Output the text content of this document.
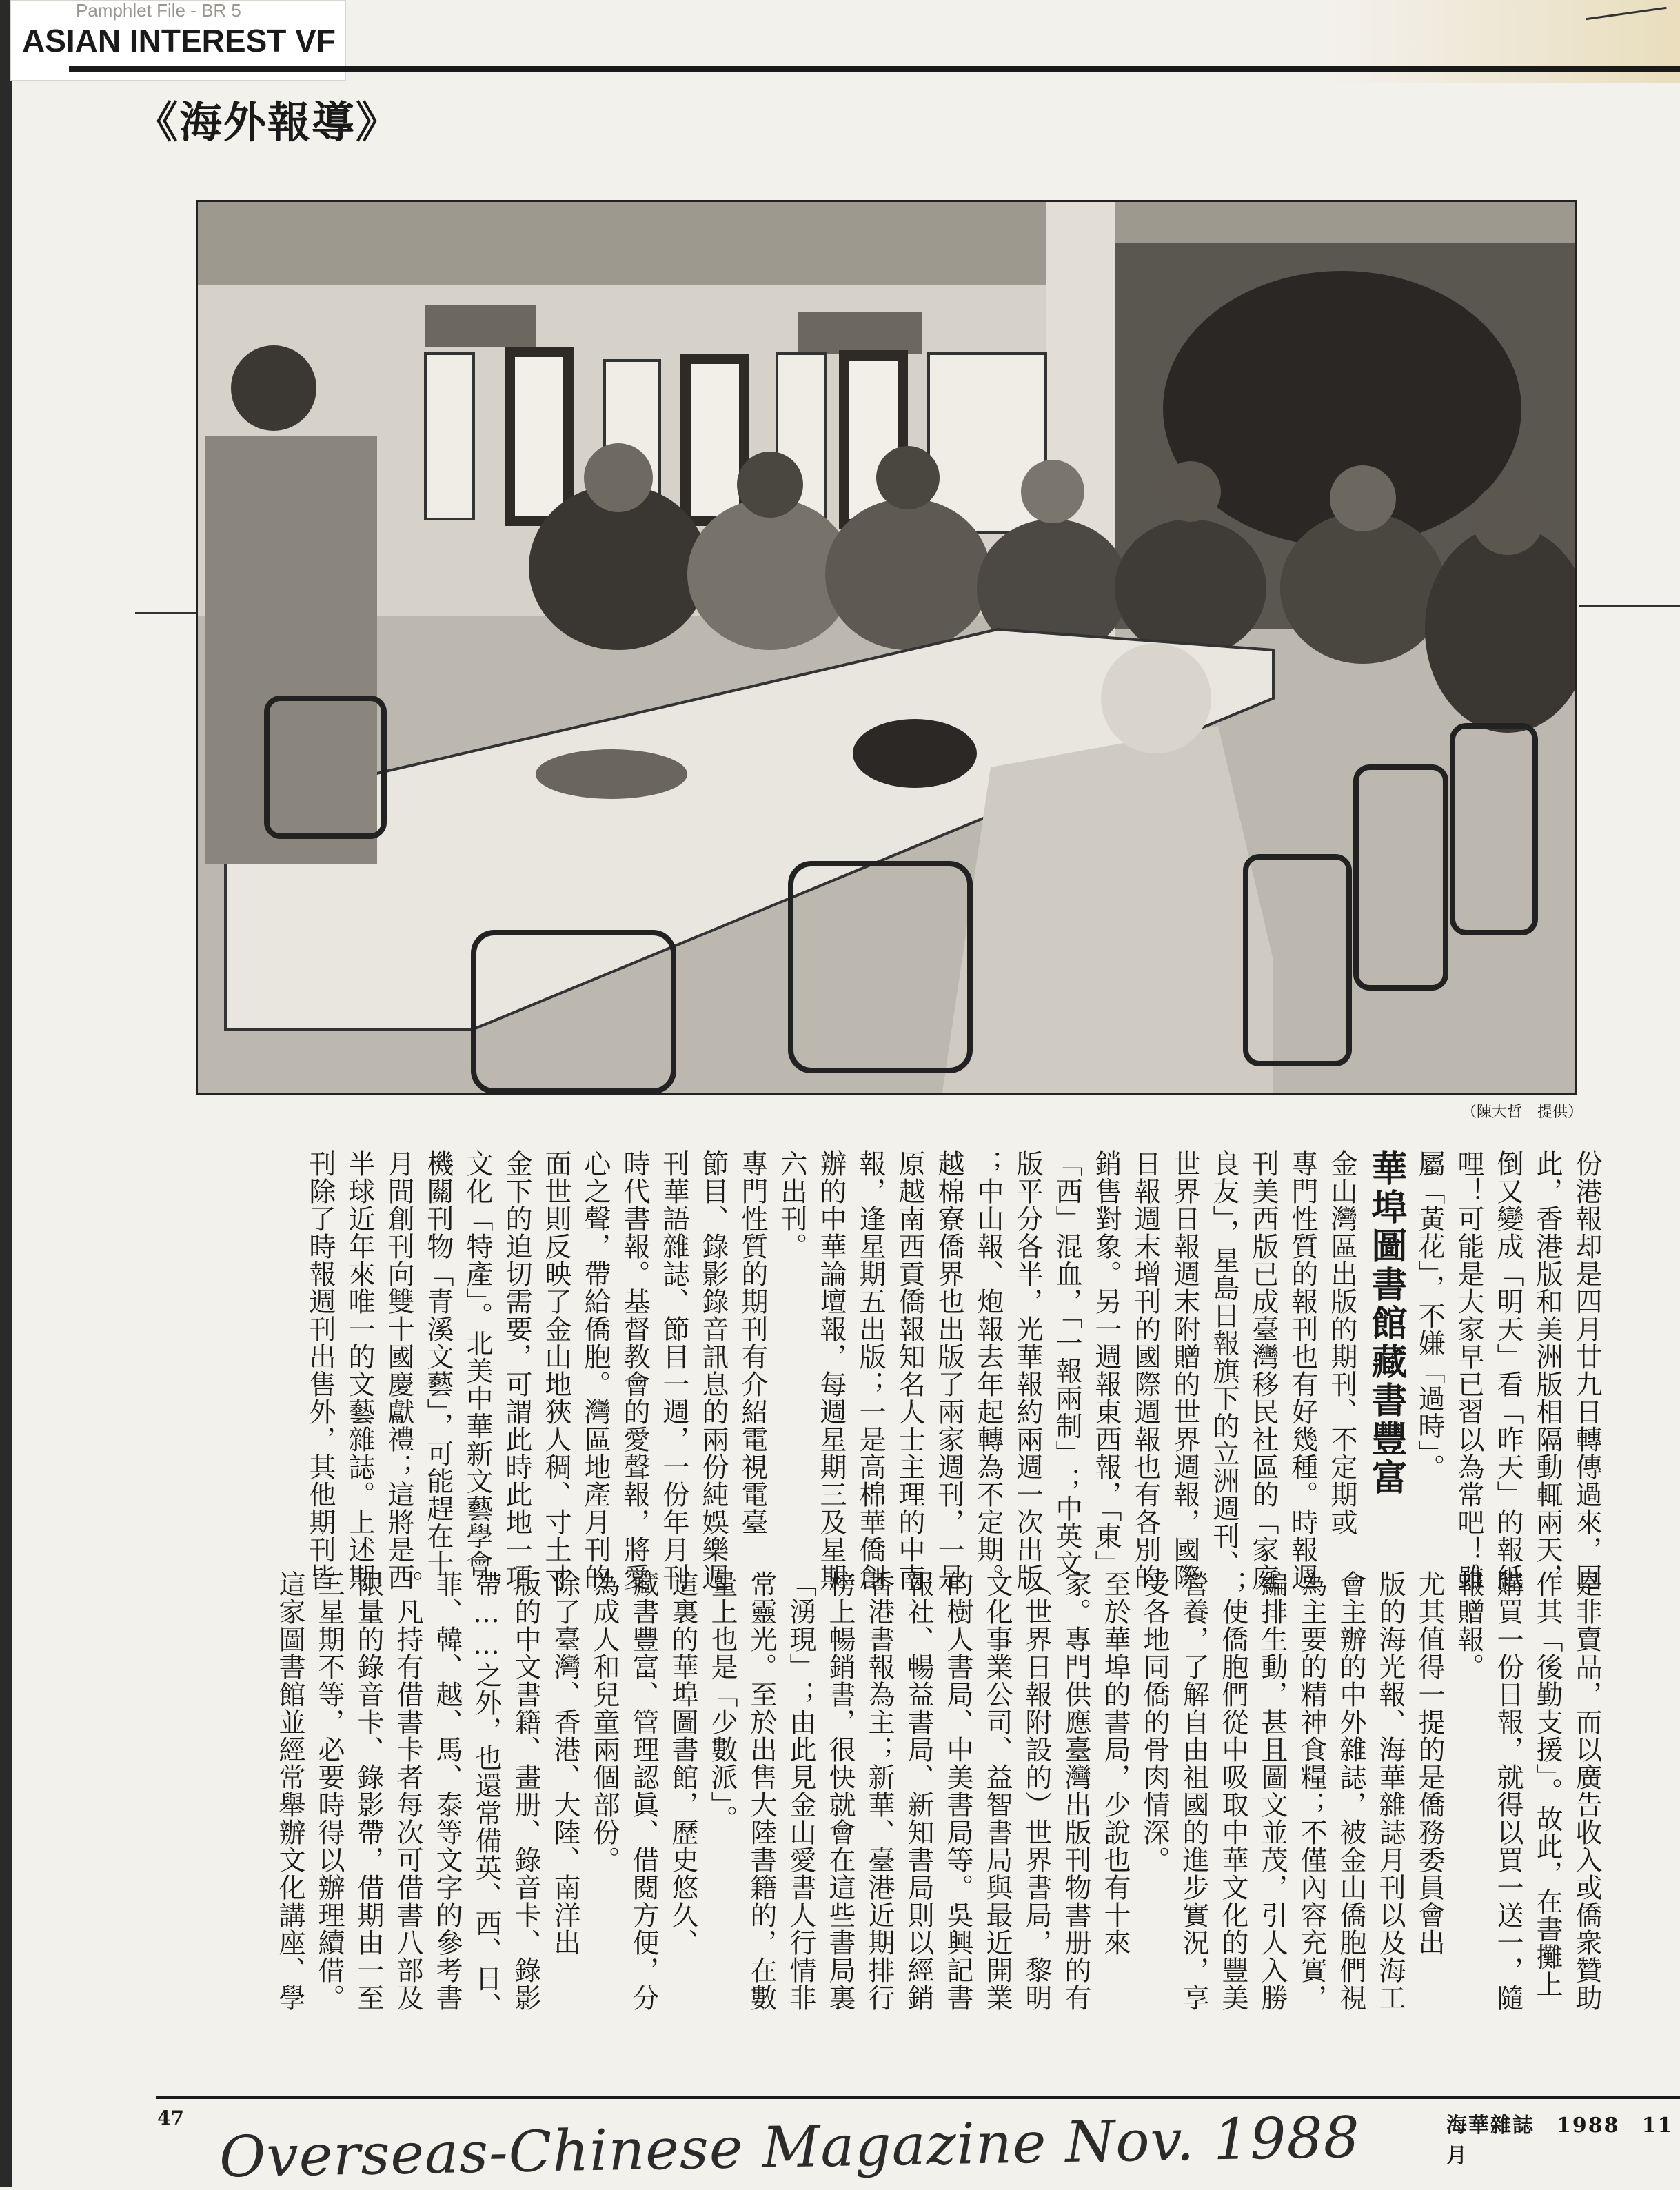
ASIAN INTEREST VF
Pamphlet File - BR 5
《海外報導》
（陳大哲　提供）
份港報却是四月廿九日轉傳過來，因
此，香港版和美洲版相隔動輒兩天，
倒又變成「明天」看「昨天」的報紙
哩！可能是大家早已習以為常吧！雖
屬「黃花」，不嫌「過時」。
華埠圖書館藏書豐富
金山灣區出版的期刊、不定期或
專門性質的報刊也有好幾種。時報週
刊美西版已成臺灣移民社區的「家庭
良友」，星島日報旗下的立洲週刊、
世界日報週末附贈的世界週報，國際
日報週末增刊的國際週報也有各別的
銷售對象。另一週報東西報，「東」
「西」混血，「一報兩制」；中英文
版平分各半，光華報約兩週一次出版
；中山報、炮報去年起轉為不定期。
越棉寮僑界也出版了兩家週刊，一是
原越南西貢僑報知名人士主理的中南
報，逢星期五出版；一是高棉華僑創
辦的中華論壇報，每週星期三及星期
六出刊。
專門性質的期刊有介紹電視電臺
節目、錄影錄音訊息的兩份純娛樂週
刊華語雜誌、節目一週，一份年月刊
時代書報。基督教會的愛聲報，將愛
心之聲，帶給僑胞。灣區地產月刊的
面世則反映了金山地狹人稠、寸土寸
金下的迫切需要，可謂此時此地一項
文化「特產」。北美中華新文藝學會
機關刊物「青溪文藝」，可能趕在十
月間創刊向雙十國慶獻禮；這將是西
半球近年來唯一的文藝雜誌。上述期
刊除了時報週刊出售外，其他期刊皆
是非賣品，而以廣告收入或僑衆贊助
作其「後勤支援」。故此，在書攤上
購買一份日報，就得以買一送一，隨
報贈報。
尤其值得一提的是僑務委員會出
版的海光報、海華雜誌月刊以及海工
會主辦的中外雜誌，被金山僑胞們視
為主要的精神食糧；不僅內容充實，
編排生動，甚且圖文並茂，引人入勝
；使僑胞們從中吸取中華文化的豐美
營養，了解自由祖國的進步實況，享
受各地同僑的骨肉情深。
至於華埠的書局，少說也有十來
家。專門供應臺灣出版刊物書册的有
（世界日報附設的）世界書局，黎明
文化事業公司、益智書局與最近開業
的樹人書局、中美書局等。吳興記書
報社、暢益書局、新知書局則以經銷
香港書報為主；新華、臺港近期排行
榜上暢銷書，很快就會在這些書局裏
「湧現」；由此見金山愛書人行情非
常靈光。至於出售大陸書籍的，在數
量上也是「少數派」。
這裏的華埠圖書館，歷史悠久、
藏書豐富、管理認眞、借閱方便，分
為成人和兒童兩個部份。
除了臺灣、香港、大陸、南洋出
版的中文書籍、畫册、錄音卡、錄影
帶……之外，也還常備英、西、日、
菲、韓、越、馬、泰等文字的參考書
。凡持有借書卡者每次可借書八部及
限量的錄音卡、錄影帶，借期由一至
三星期不等，必要時得以辦理續借。
這家圖書館並經常舉辦文化講座、學
47 Overseas-Chinese Magazine Nov. 1988	海華雜誌　1988　11月
